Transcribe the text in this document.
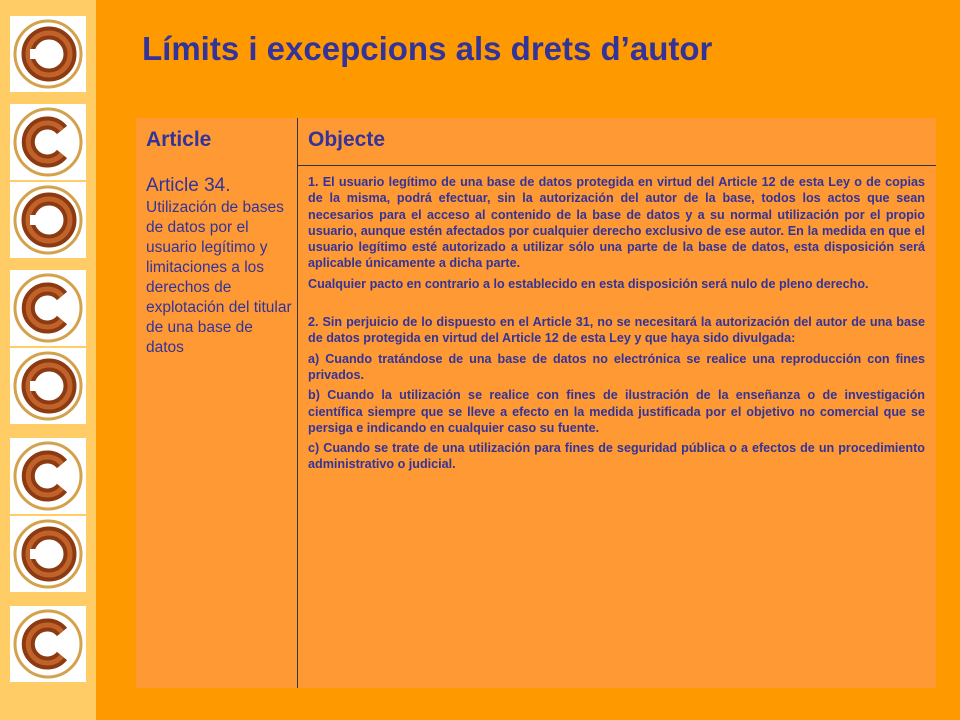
Límits i excepcions als drets d’autor
Article	Objecte
Article 34.
Utilización de bases de datos por el usuario legítimo y limitaciones a los derechos de explotación del titular de una base de datos

1. El usuario legítimo de una base de datos protegida en virtud del Article 12 de esta Ley o de copias de la misma, podrá efectuar, sin la autorización del autor de la base, todos los actos que sean necesarios para el acceso al contenido de la base de datos y a su normal utilización por el propio usuario, aunque estén afectados por cualquier derecho exclusivo de ese autor. En la medida en que el usuario legítimo esté autorizado a utilizar sólo una parte de la base de datos, esta disposición será aplicable únicamente a dicha parte.

Cualquier pacto en contrario a lo establecido en esta disposición será nulo de pleno derecho.

2. Sin perjuicio de lo dispuesto en el Article 31, no se necesitará la autorización del autor de una base de datos protegida en virtud del Article 12 de esta Ley y que haya sido divulgada:

a) Cuando tratándose de una base de datos no electrónica se realice una reproducción con fines privados.

b) Cuando la utilización se realice con fines de ilustración de la enseñanza o de investigación científica siempre que se lleve a efecto en la medida justificada por el objetivo no comercial que se persiga e indicando en cualquier caso su fuente.

c) Cuando se trate de una utilización para fines de seguridad pública o a efectos de un procedimiento administrativo o judicial.
